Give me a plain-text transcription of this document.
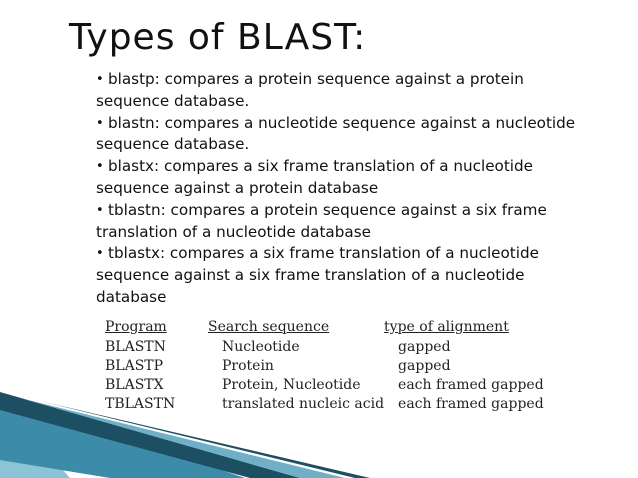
Types of BLAST:

• blastp: compares a protein sequence against a protein sequence database.

• blastn: compares a nucleotide sequence against a nucleotide sequence database.

• blastx: compares a six frame translation of a nucleotide sequence against a protein database

• tblastn: compares a protein sequence against a six frame translation of a nucleotide database

• tblastx: compares a six frame translation of a nucleotide sequence against a six frame translation of a nucleotide database

Program	Search sequence	type of alignment
BLASTN	Nucleotide	gapped
BLASTP	Protein	gapped
BLASTX	Protein, Nucleotide	each framed gapped
TBLASTN	translated nucleic acid	each framed gapped
